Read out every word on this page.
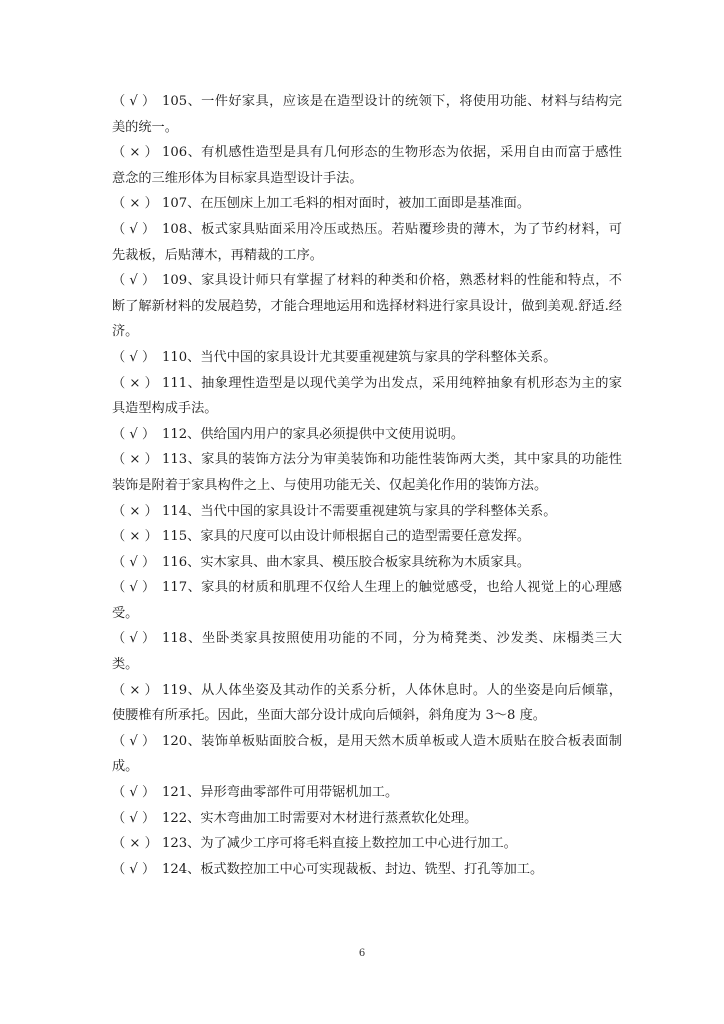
（ √ ） 105、一件好家具，应该是在造型设计的统领下，将使用功能、材料与结构完美的统一。

（ × ） 106、有机感性造型是具有几何形态的生物形态为依据，采用自由而富于感性意念的三维形体为目标家具造型设计手法。

（ × ） 107、在压刨床上加工毛料的相对面时，被加工面即是基准面。

（ √ ） 108、板式家具贴面采用冷压或热压。若贴覆珍贵的薄木，为了节约材料，可先裁板，后贴薄木，再精裁的工序。

（ √ ） 109、家具设计师只有掌握了材料的种类和价格，熟悉材料的性能和特点，不断了解新材料的发展趋势，才能合理地运用和选择材料进行家具设计，做到美观.舒适.经济。

（ √ ） 110、当代中国的家具设计尤其要重视建筑与家具的学科整体关系。

（ × ） 111、抽象理性造型是以现代美学为出发点，采用纯粹抽象有机形态为主的家具造型构成手法。

（ √ ） 112、供给国内用户的家具必须提供中文使用说明。

（ × ） 113、家具的装饰方法分为审美装饰和功能性装饰两大类，其中家具的功能性装饰是附着于家具构件之上、与使用功能无关、仅起美化作用的装饰方法。

（ × ） 114、当代中国的家具设计不需要重视建筑与家具的学科整体关系。

（ × ） 115、家具的尺度可以由设计师根据自己的造型需要任意发挥。

（ √ ） 116、实木家具、曲木家具、模压胶合板家具统称为木质家具。

（ √ ） 117、家具的材质和肌理不仅给人生理上的触觉感受，也给人视觉上的心理感受。

（ √ ） 118、坐卧类家具按照使用功能的不同，分为椅凳类、沙发类、床榻类三大类。

（ × ） 119、从人体坐姿及其动作的关系分析，人体休息时。人的坐姿是向后倾靠，使腰椎有所承托。因此，坐面大部分设计成向后倾斜，斜角度为 3～8 度。

（ √ ） 120、装饰单板贴面胶合板，是用天然木质单板或人造木质贴在胶合板表面制成。

（ √ ） 121、异形弯曲零部件可用带锯机加工。

（ √ ） 122、实木弯曲加工时需要对木材进行蒸煮软化处理。

（ × ） 123、为了减少工序可将毛料直接上数控加工中心进行加工。

（ √ ） 124、板式数控加工中心可实现裁板、封边、铣型、打孔等加工。

6
